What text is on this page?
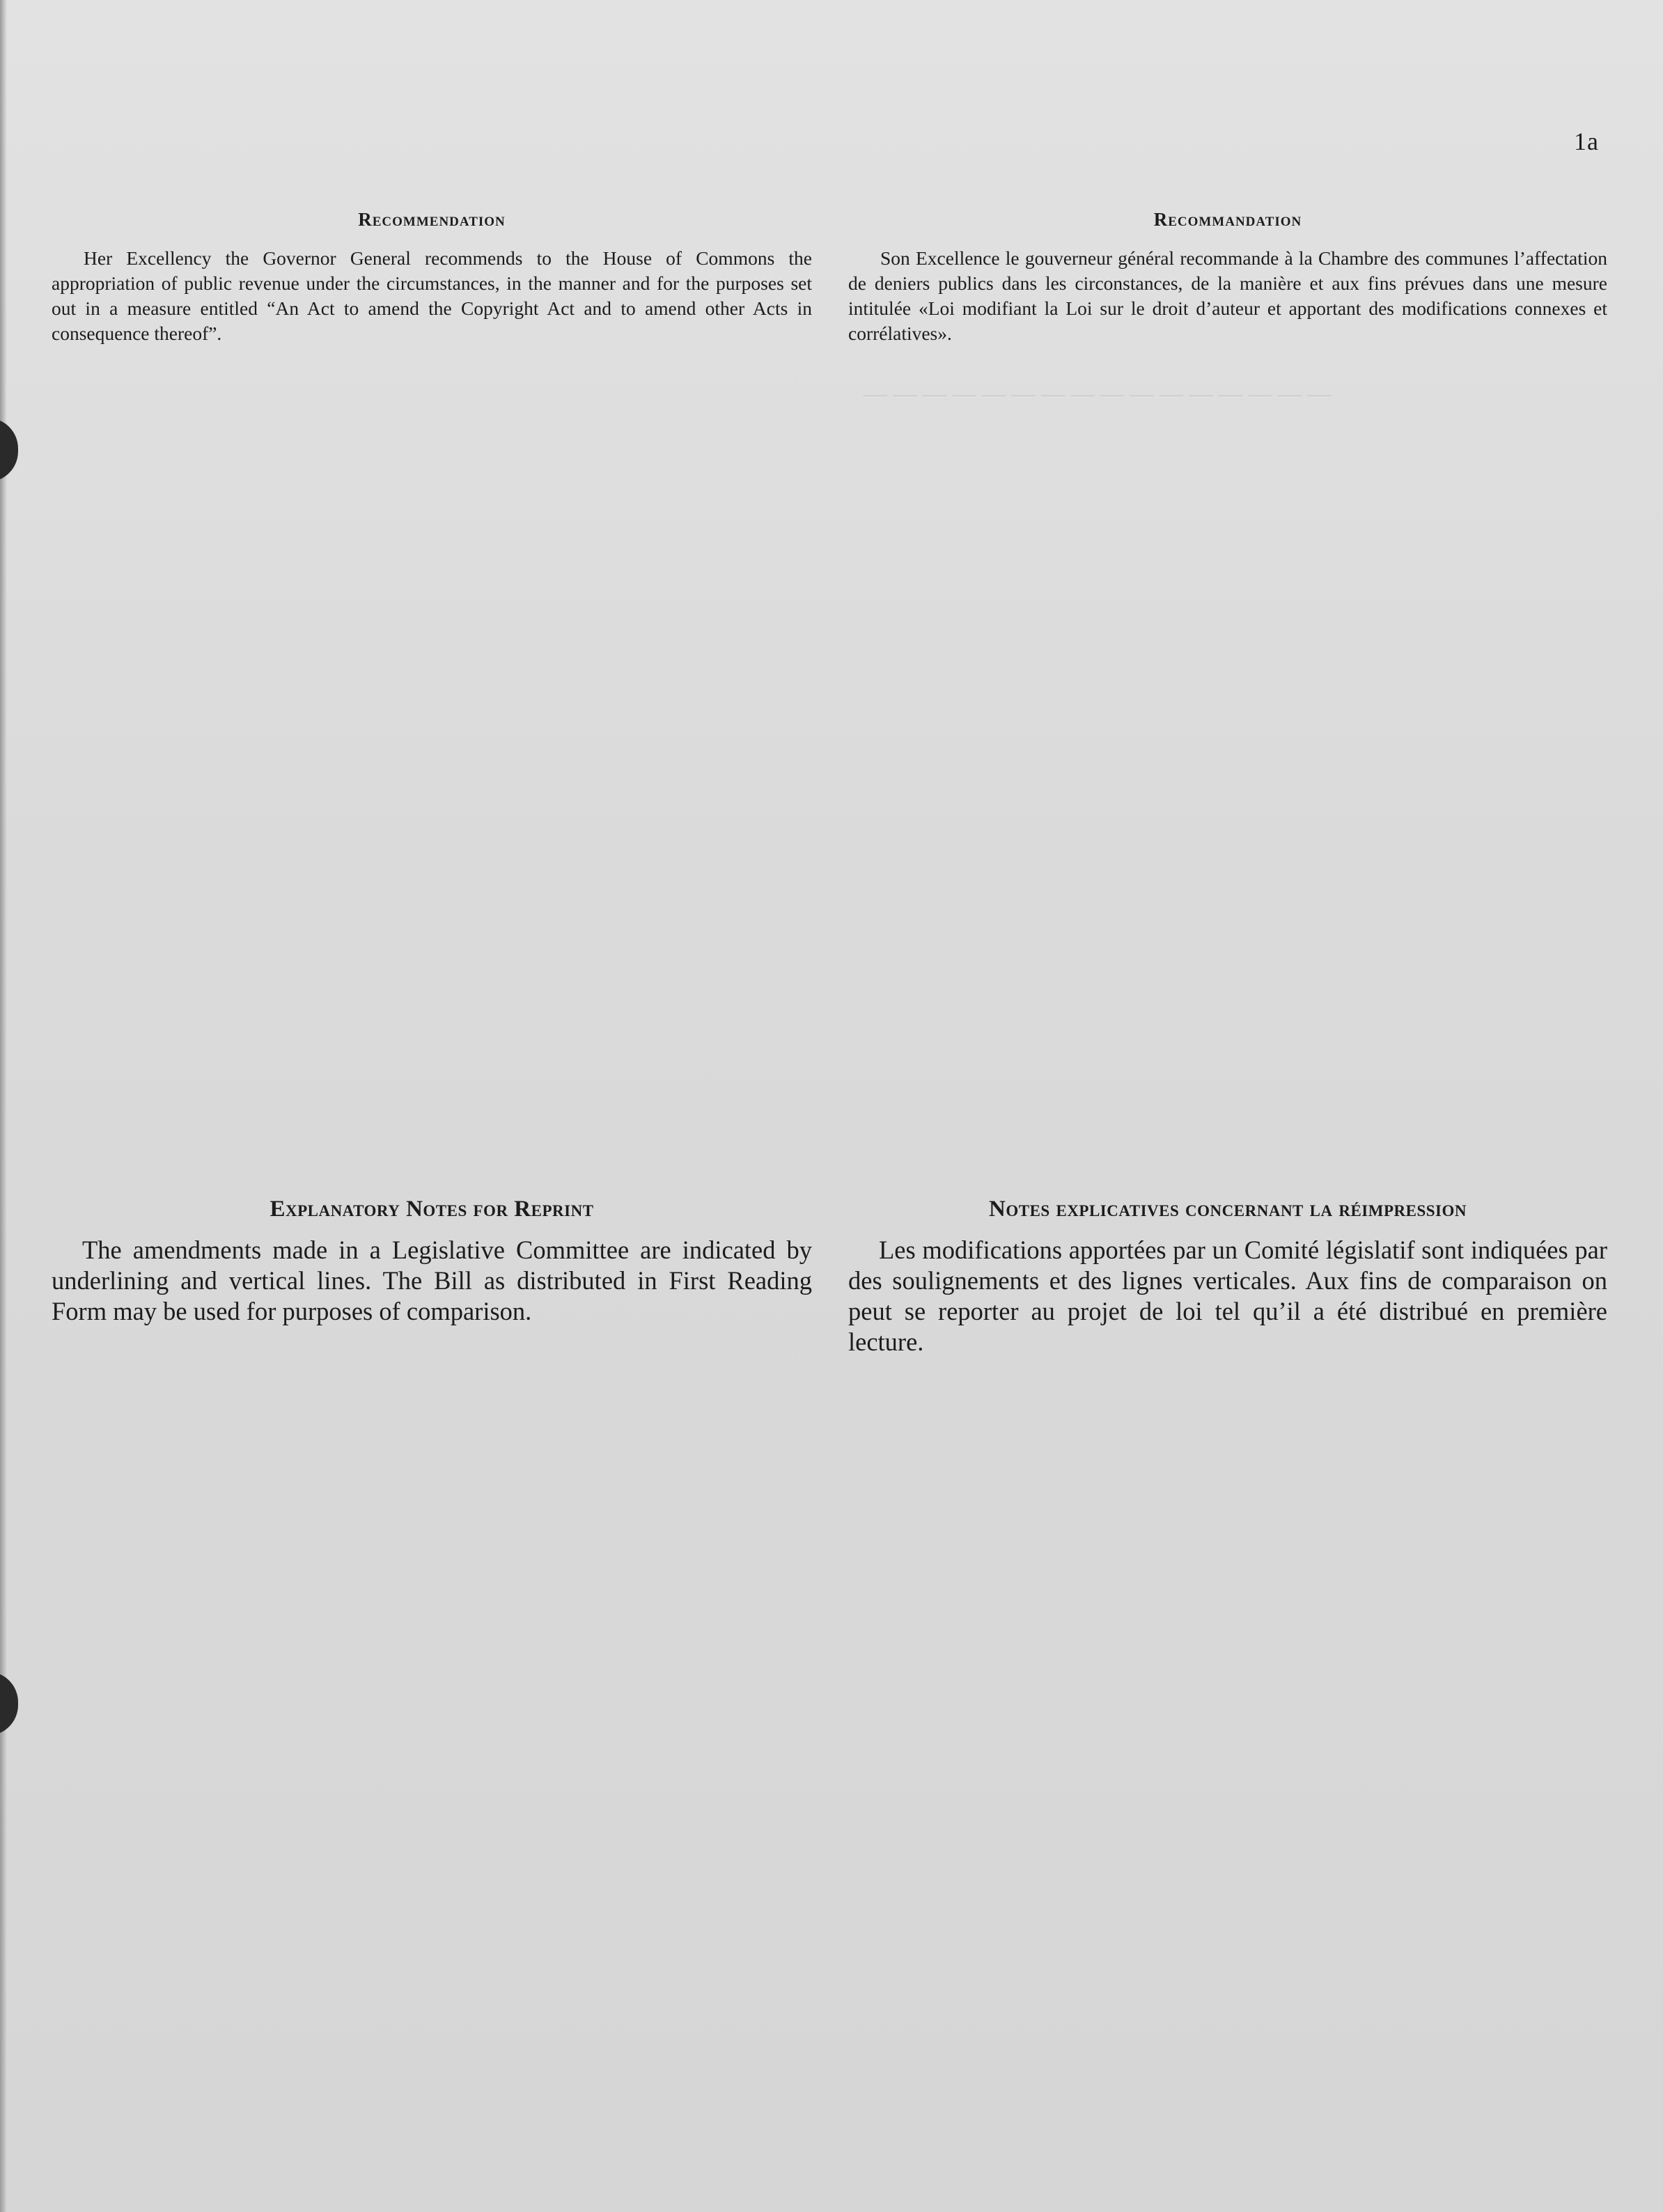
— — — — — — — — — — — — — — — —
1a
Recommendation

Her Excellency the Governor General recommends to the House of Commons the appropriation of public revenue under the circumstances, in the manner and for the purposes set out in a measure entitled “An Act to amend the Copyright Act and to amend other Acts in consequence thereof”.

Recommandation

Son Excellence le gouverneur général recommande à la Chambre des communes l’affectation de deniers publics dans les circonstances, de la manière et aux fins prévues dans une mesure intitulée «Loi modifiant la Loi sur le droit d’auteur et apportant des modifications connexes et corrélatives».

Explanatory Notes for Reprint

The amendments made in a Legislative Committee are indicated by underlining and vertical lines. The Bill as distributed in First Reading Form may be used for purposes of comparison.

Notes explicatives concernant la réimpression

Les modifications apportées par un Comité législatif sont indiquées par des soulignements et des lignes verticales. Aux fins de comparaison on peut se reporter au projet de loi tel qu’il a été distribué en première lecture.
